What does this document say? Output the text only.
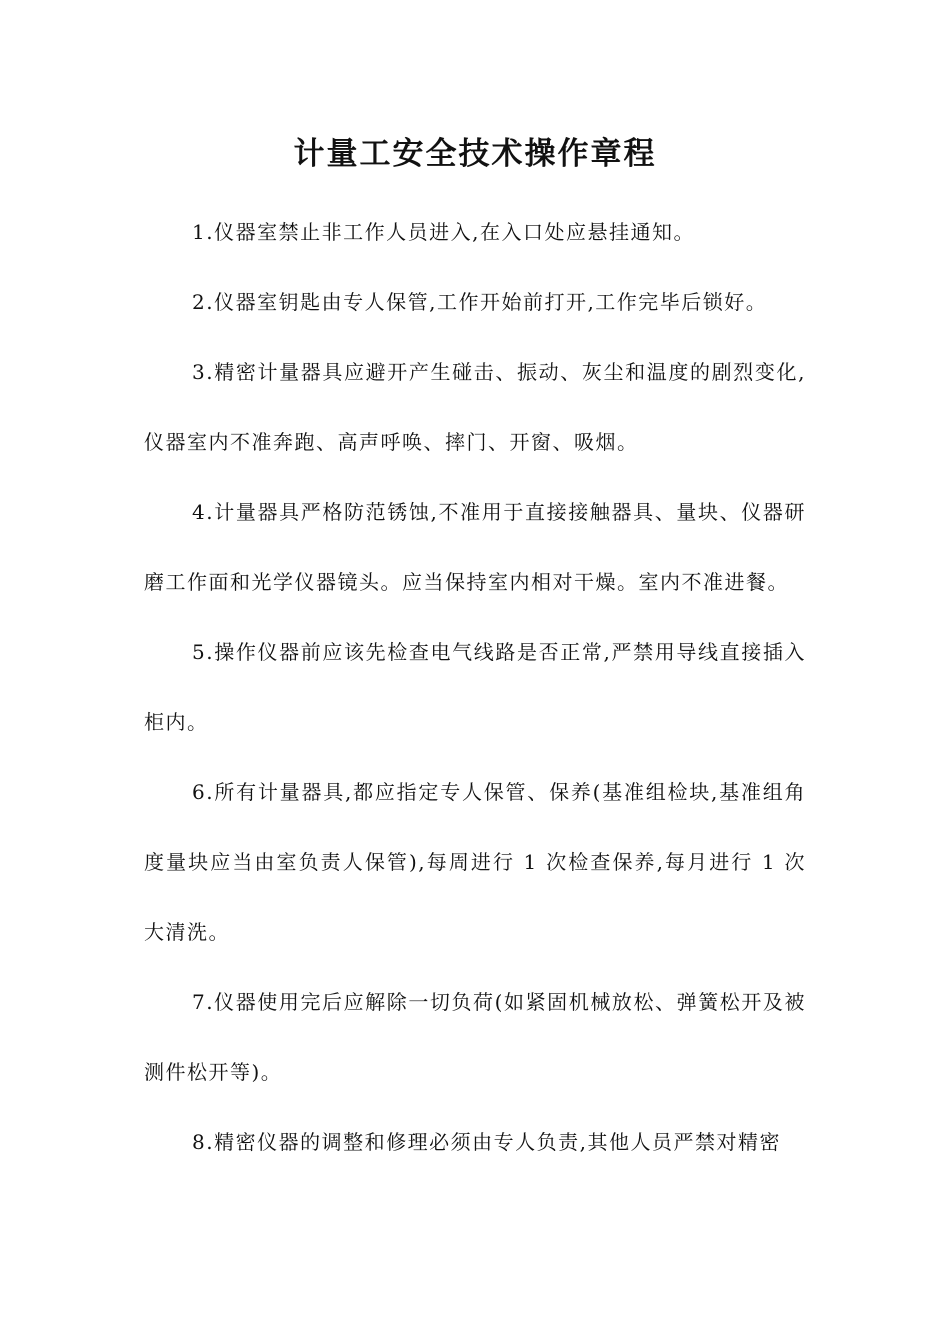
计量工安全技术操作章程

1.仪器室禁止非工作人员进入,在入口处应悬挂通知。

2.仪器室钥匙由专人保管,工作开始前打开,工作完毕后锁好。

3.精密计量器具应避开产生碰击、振动、灰尘和温度的剧烈变化,仪器室内不准奔跑、高声呼唤、摔门、开窗、吸烟。

4.计量器具严格防范锈蚀,不准用于直接接触器具、量块、仪器研磨工作面和光学仪器镜头。应当保持室内相对干燥。室内不准进餐。

5.操作仪器前应该先检查电气线路是否正常,严禁用导线直接插入柜内。

6.所有计量器具,都应指定专人保管、保养(基准组检块,基准组角度量块应当由室负责人保管),每周进行 1 次检查保养,每月进行 1 次大清洗。

7.仪器使用完后应解除一切负荷(如紧固机械放松、弹簧松开及被测件松开等)。

8.精密仪器的调整和修理必须由专人负责,其他人员严禁对精密
